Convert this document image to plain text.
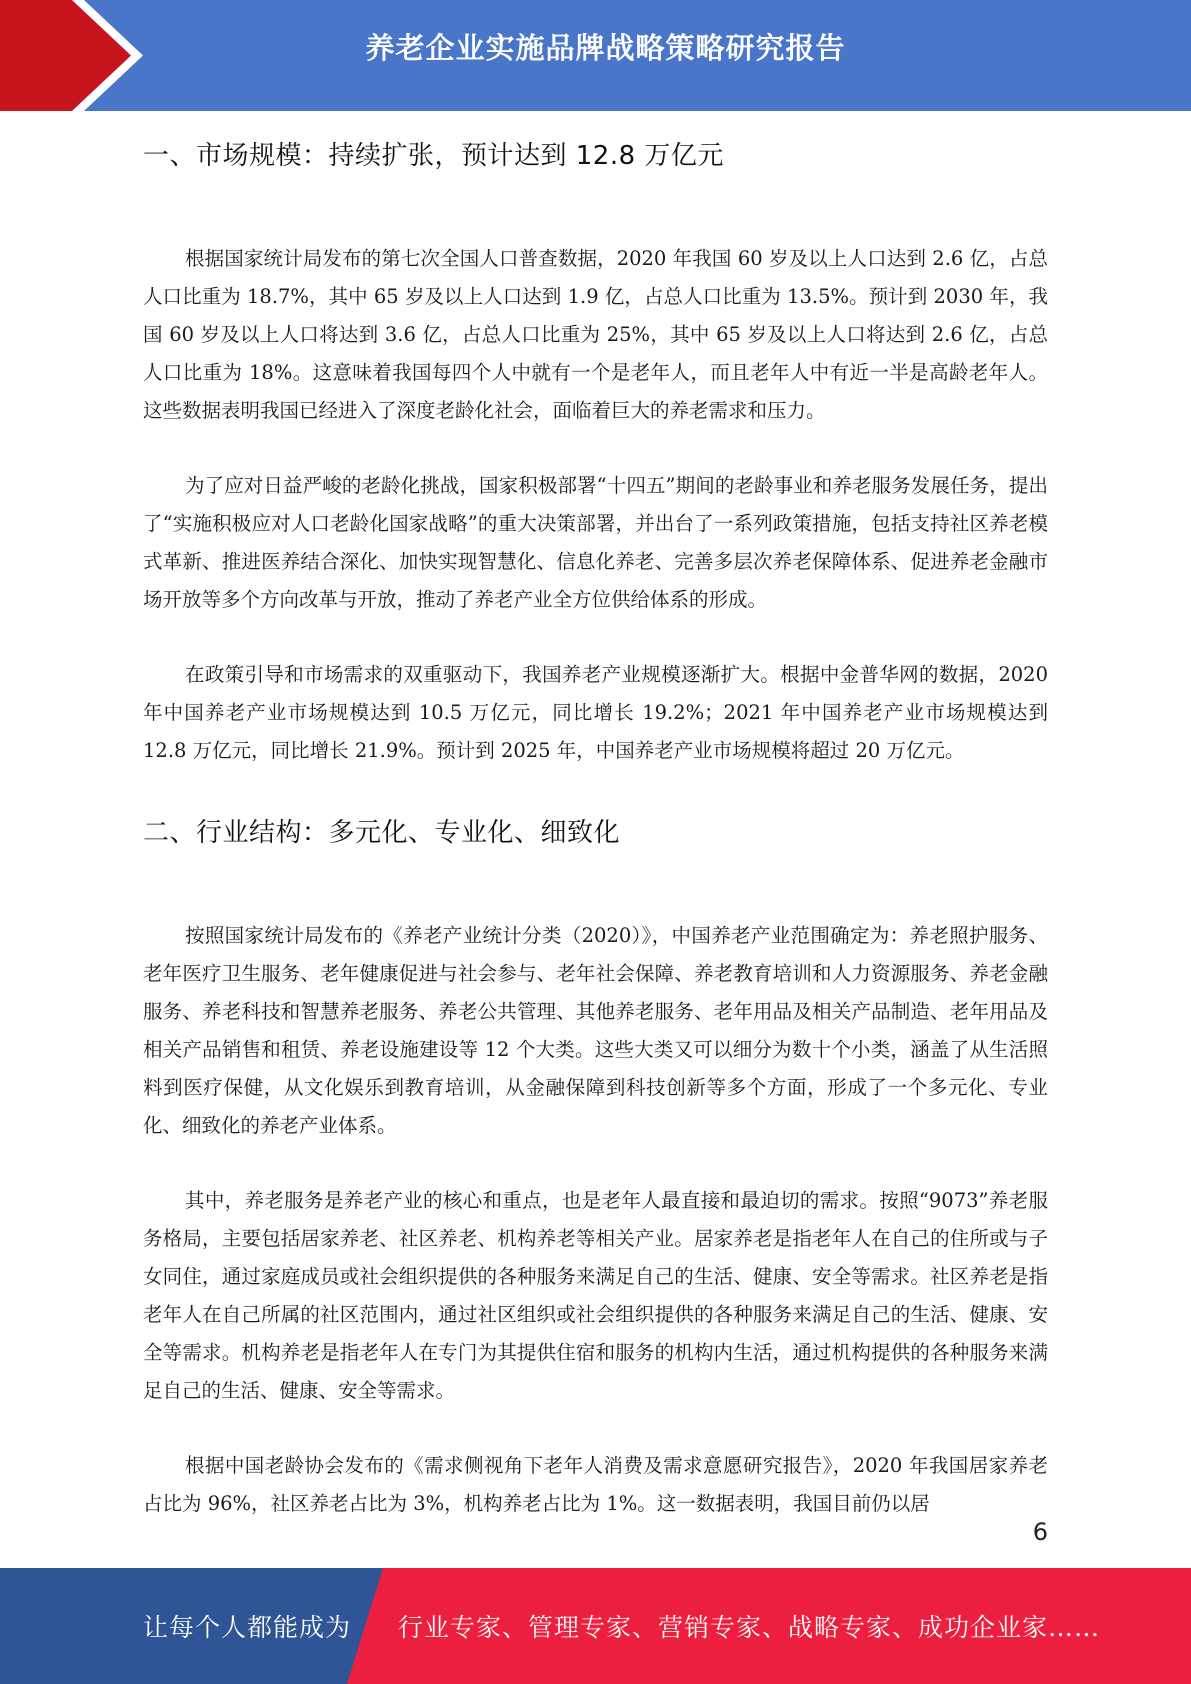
养老企业实施品牌战略策略研究报告
一、市场规模：持续扩张，预计达到 12.8 万亿元

根据国家统计局发布的第七次全国人口普查数据，2020 年我国 60 岁及以上人口达到 2.6 亿，占总人口比重为 18.7%，其中 65 岁及以上人口达到 1.9 亿，占总人口比重为 13.5%。预计到 2030 年，我国 60 岁及以上人口将达到 3.6 亿，占总人口比重为 25%，其中 65 岁及以上人口将达到 2.6 亿，占总人口比重为 18%。这意味着我国每四个人中就有一个是老年人，而且老年人中有近一半是高龄老年人。这些数据表明我国已经进入了深度老龄化社会，面临着巨大的养老需求和压力。

为了应对日益严峻的老龄化挑战，国家积极部署“十四五”期间的老龄事业和养老服务发展任务，提出了“实施积极应对人口老龄化国家战略”的重大决策部署，并出台了一系列政策措施，包括支持社区养老模式革新、推进医养结合深化、加快实现智慧化、信息化养老、完善多层次养老保障体系、促进养老金融市场开放等多个方向改革与开放，推动了养老产业全方位供给体系的形成。

在政策引导和市场需求的双重驱动下，我国养老产业规模逐渐扩大。根据中金普华网的数据，2020 年中国养老产业市场规模达到 10.5 万亿元，同比增长 19.2%；2021 年中国养老产业市场规模达到 12.8 万亿元，同比增长 21.9%。预计到 2025 年，中国养老产业市场规模将超过 20 万亿元。

二、行业结构：多元化、专业化、细致化

按照国家统计局发布的《养老产业统计分类（2020）》，中国养老产业范围确定为：养老照护服务、老年医疗卫生服务、老年健康促进与社会参与、老年社会保障、养老教育培训和人力资源服务、养老金融服务、养老科技和智慧养老服务、养老公共管理、其他养老服务、老年用品及相关产品制造、老年用品及相关产品销售和租赁、养老设施建设等 12 个大类。这些大类又可以细分为数十个小类，涵盖了从生活照料到医疗保健，从文化娱乐到教育培训，从金融保障到科技创新等多个方面，形成了一个多元化、专业化、细致化的养老产业体系。

其中，养老服务是养老产业的核心和重点，也是老年人最直接和最迫切的需求。按照“9073”养老服务格局，主要包括居家养老、社区养老、机构养老等相关产业。居家养老是指老年人在自己的住所或与子女同住，通过家庭成员或社会组织提供的各种服务来满足自己的生活、健康、安全等需求。社区养老是指老年人在自己所属的社区范围内，通过社区组织或社会组织提供的各种服务来满足自己的生活、健康、安全等需求。机构养老是指老年人在专门为其提供住宿和服务的机构内生活，通过机构提供的各种服务来满足自己的生活、健康、安全等需求。

根据中国老龄协会发布的《需求侧视角下老年人消费及需求意愿研究报告》，2020 年我国居家养老占比为 96%，社区养老占比为 3%，机构养老占比为 1%。这一数据表明，我国目前仍以居

6
让每个人都能成为 行业专家、管理专家、营销专家、战略专家、成功企业家……
